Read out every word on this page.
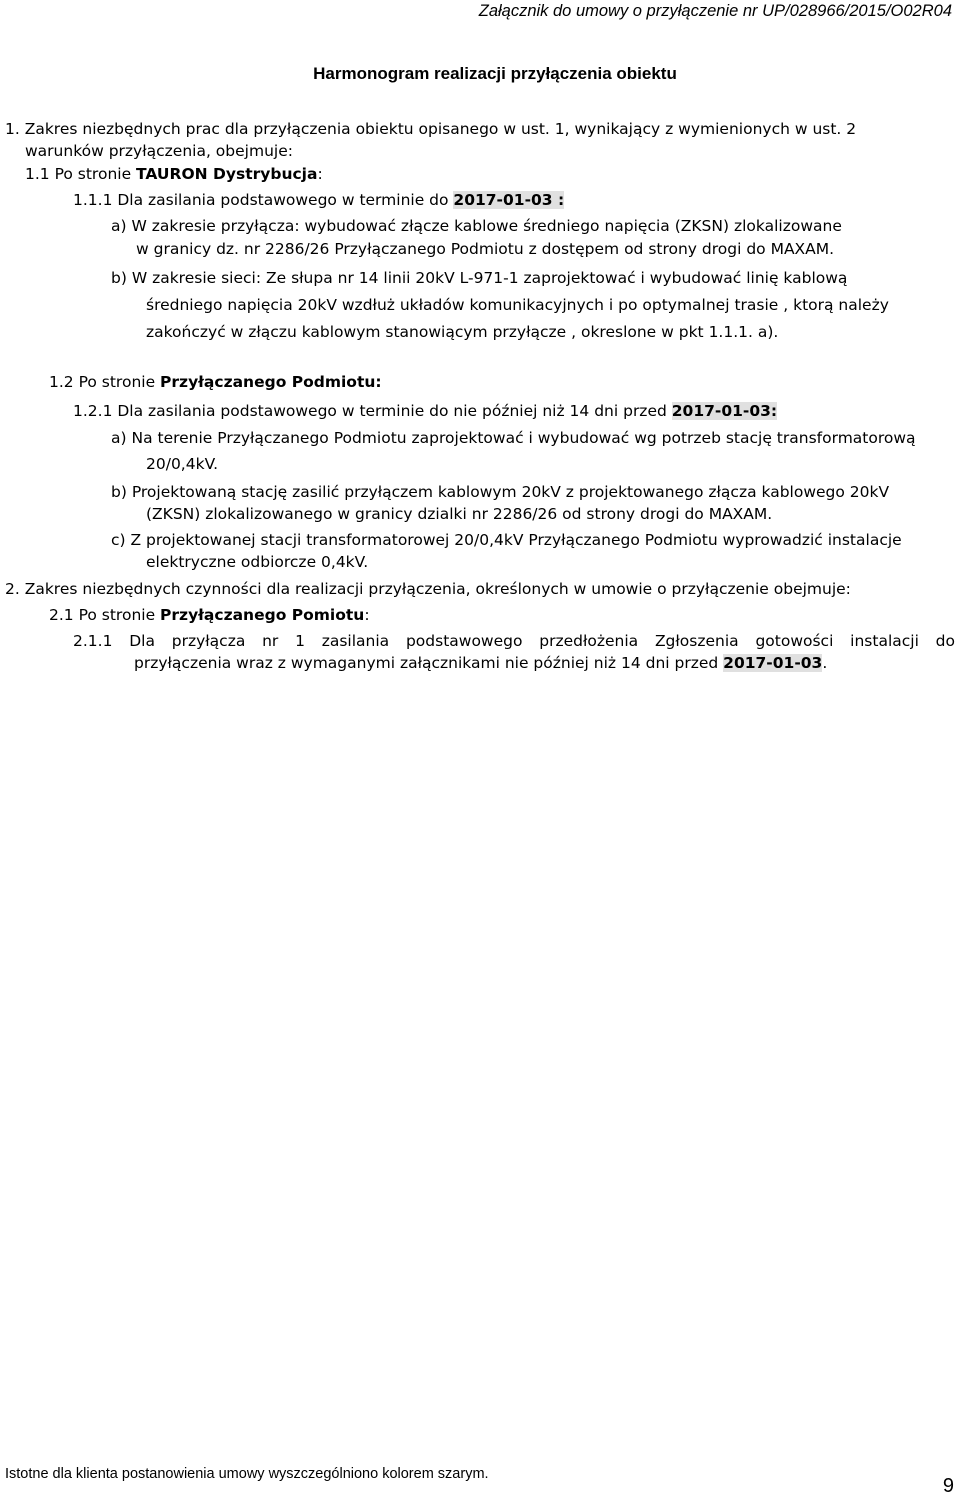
Załącznik do umowy o przyłączenie nr UP/028966/2015/O02R04
Harmonogram realizacji przyłączenia obiektu
1. Zakres niezbędnych prac dla przyłączenia obiektu opisanego w ust. 1, wynikający z wymienionych w ust. 2
warunków przyłączenia, obejmuje:
1.1 Po stronie TAURON Dystrybucja:
1.1.1 Dla zasilania podstawowego w terminie do 2017-01-03 :
a) W zakresie przyłącza: wybudować złącze kablowe średniego napięcia (ZKSN) zlokalizowane
w granicy dz. nr 2286/26 Przyłączanego Podmiotu z dostępem od strony drogi do MAXAM.
b) W zakresie sieci: Ze słupa nr 14 linii 20kV L-971-1 zaprojektować i wybudować linię kablową
średniego napięcia 20kV wzdłuż układów komunikacyjnych i po optymalnej trasie , ktorą należy
zakończyć w złączu kablowym stanowiącym przyłącze , okreslone w pkt 1.1.1. a).
1.2 Po stronie Przyłączanego Podmiotu:
1.2.1 Dla zasilania podstawowego w terminie do nie później niż 14 dni przed 2017-01-03:
a) Na terenie Przyłączanego Podmiotu zaprojektować i wybudować wg potrzeb stację transformatorową
20/0,4kV.
b) Projektowaną stację zasilić przyłączem kablowym 20kV z projektowanego złącza kablowego 20kV
(ZKSN) zlokalizowanego w granicy dzialki nr 2286/26 od strony drogi do MAXAM.
c) Z projektowanej stacji transformatorowej 20/0,4kV Przyłączanego Podmiotu wyprowadzić instalacje
elektryczne odbiorcze 0,4kV.
2. Zakres niezbędnych czynności dla realizacji przyłączenia, określonych w umowie o przyłączenie obejmuje:
2.1 Po stronie Przyłączanego Pomiotu:
2.1.1 Dla przyłącza nr 1 zasilania podstawowego przedłożenia Zgłoszenia gotowości instalacji do
przyłączenia wraz z wymaganymi załącznikami nie później niż 14 dni przed 2017-01-03.
Istotne dla klienta postanowienia umowy wyszczególniono kolorem szarym.
9
